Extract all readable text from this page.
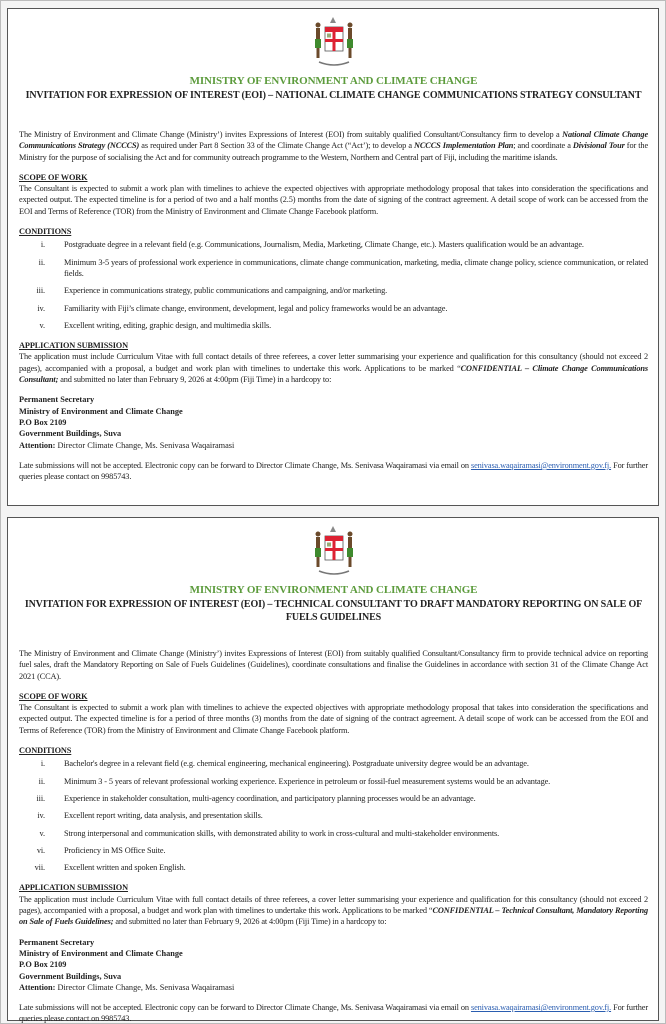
MINISTRY OF ENVIRONMENT AND CLIMATE CHANGE
INVITATION FOR EXPRESSION OF INTEREST (EOI) – NATIONAL CLIMATE CHANGE COMMUNICATIONS STRATEGY CONSULTANT

The Ministry of Environment and Climate Change (Ministry’) invites Expressions of Interest (EOI) from suitably qualified Consultant/Consultancy firm to develop a National Climate Change Communications Strategy (NCCCS) as required under Part 8 Section 33 of the Climate Change Act (“Act’); to develop a NCCCS Implementation Plan; and coordinate a Divisional Tour for the Ministry for the purpose of socialising the Act and for community outreach programme to the Western, Northern and Central part of Fiji, including the maritime islands.

SCOPE OF WORK

The Consultant is expected to submit a work plan with timelines to achieve the expected objectives with appropriate methodology proposal that takes into consideration the specifications and expected output. The expected timeline is for a period of two and a half months (2.5) months from the date of signing of the contract agreement. A detail scope of work can be accessed from the EOI and Terms of Reference (TOR) from the Ministry of Environment and Climate Change Facebook platform.

CONDITIONS
i.	Postgraduate degree in a relevant field (e.g. Communications, Journalism, Media, Marketing, Climate Change, etc.). Masters qualification would be an advantage.
ii.	Minimum 3-5 years of professional work experience in communications, climate change communication, marketing, media, climate change policy, science communication, or related fields.
iii.	Experience in communications strategy, public communications and campaigning, and/or marketing.
iv.	Familiarity with Fiji’s climate change, environment, development, legal and policy frameworks would be an advantage.
v.	Excellent writing, editing, graphic design, and multimedia skills.
APPLICATION SUBMISSION

The application must include Curriculum Vitae with full contact details of three referees, a cover letter summarising your experience and qualification for this consultancy (should not exceed 2 pages), accompanied with a proposal, a budget and work plan with timelines to undertake this work. Applications to be marked “CONFIDENTIAL – Climate Change Communications Consultant; and submitted no later than February 9, 2026 at 4:00pm (Fiji Time) in a hardcopy to:

Permanent Secretary
Ministry of Environment and Climate Change
P.O Box 2109
Government Buildings, Suva
Attention: Director Climate Change, Ms. Senivasa Waqairamasi

Late submissions will not be accepted. Electronic copy can be forward to Director Climate Change, Ms. Senivasa Waqairamasi via email on senivasa.waqairamasi@environment.gov.fj. For further queries please contact on 9985743.

MINISTRY OF ENVIRONMENT AND CLIMATE CHANGE
INVITATION FOR EXPRESSION OF INTEREST (EOI) – TECHNICAL CONSULTANT TO DRAFT MANDATORY REPORTING ON SALE OF FUELS GUIDELINES

The Ministry of Environment and Climate Change (Ministry’) invites Expressions of Interest (EOI) from suitably qualified Consultant/Consultancy firm to provide technical advice on reporting fuel sales, draft the Mandatory Reporting on Sale of Fuels Guidelines (Guidelines), coordinate consultations and finalise the Guidelines in accordance with section 31 of the Climate Change Act 2021 (CCA).

SCOPE OF WORK

The Consultant is expected to submit a work plan with timelines to achieve the expected objectives with appropriate methodology proposal that takes into consideration the specifications and expected output. The expected timeline is for a period of three months (3) months from the date of signing of the contract agreement. A detail scope of work can be accessed from the EOI and Terms of Reference (TOR) from the Ministry of Environment and Climate Change Facebook platform.

CONDITIONS
i.	Bachelor's degree in a relevant field (e.g. chemical engineering, mechanical engineering). Postgraduate university degree would be an advantage.
ii.	Minimum 3 - 5 years of relevant professional working experience. Experience in petroleum or fossil-fuel measurement systems would be an advantage.
iii.	Experience in stakeholder consultation, multi-agency coordination, and participatory planning processes would be an advantage.
iv.	Excellent report writing, data analysis, and presentation skills.
v.	Strong interpersonal and communication skills, with demonstrated ability to work in cross-cultural and multi-stakeholder environments.
vi.	Proficiency in MS Office Suite.
vii.	Excellent written and spoken English.
APPLICATION SUBMISSION

The application must include Curriculum Vitae with full contact details of three referees, a cover letter summarising your experience and qualification for this consultancy (should not exceed 2 pages), accompanied with a proposal, a budget and work plan with timelines to undertake this work. Applications to be marked “CONFIDENTIAL – Technical Consultant, Mandatory Reporting on Sale of Fuels Guidelines; and submitted no later than February 9, 2026 at 4:00pm (Fiji Time) in a hardcopy to:

Permanent Secretary
Ministry of Environment and Climate Change
P.O Box 2109
Government Buildings, Suva
Attention: Director Climate Change, Ms. Senivasa Waqairamasi

Late submissions will not be accepted. Electronic copy can be forward to Director Climate Change, Ms. Senivasa Waqairamasi via email on senivasa.waqairamasi@environment.gov.fj. For further queries please contact on 9985743.
